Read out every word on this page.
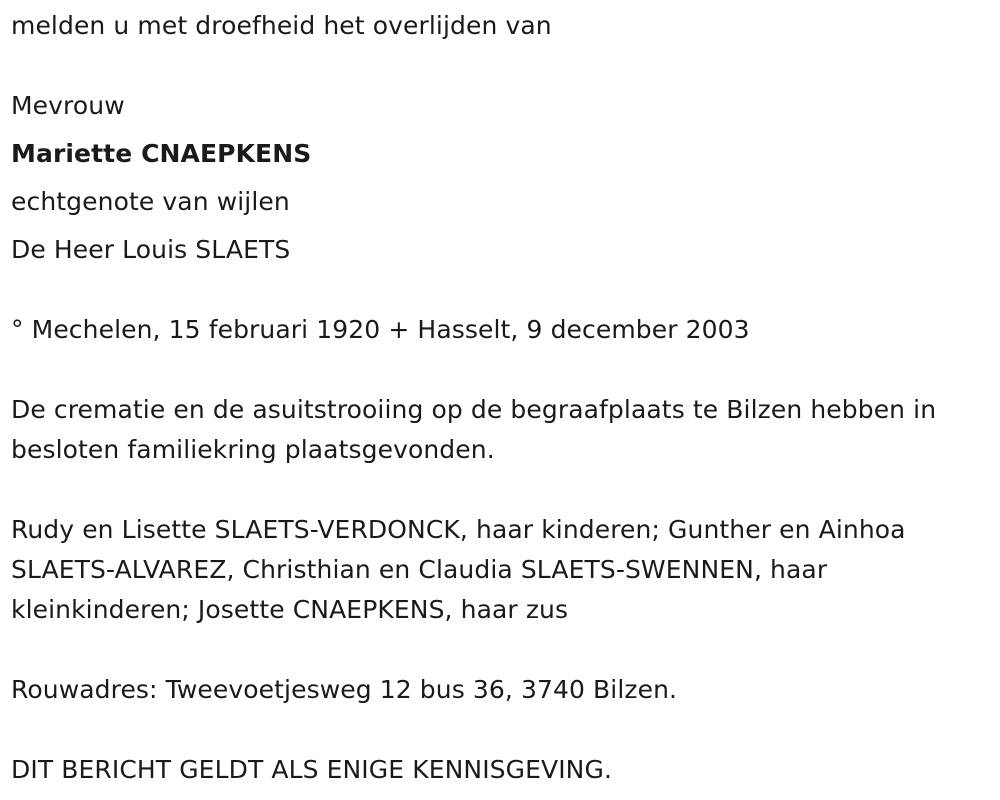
melden u met droefheid het overlijden van
Mevrouw
Mariette CNAEPKENS
echtgenote van wijlen
De Heer Louis SLAETS
° Mechelen, 15 februari 1920 + Hasselt, 9 december 2003
De crematie en de asuitstrooiing op de begraafplaats te Bilzen hebben in
besloten familiekring plaatsgevonden.
Rudy en Lisette SLAETS-VERDONCK, haar kinderen; Gunther en Ainhoa
SLAETS-ALVAREZ, Christhian en Claudia SLAETS-SWENNEN, haar
kleinkinderen; Josette CNAEPKENS, haar zus
Rouwadres: Tweevoetjesweg 12 bus 36, 3740 Bilzen.
DIT BERICHT GELDT ALS ENIGE KENNISGEVING.
